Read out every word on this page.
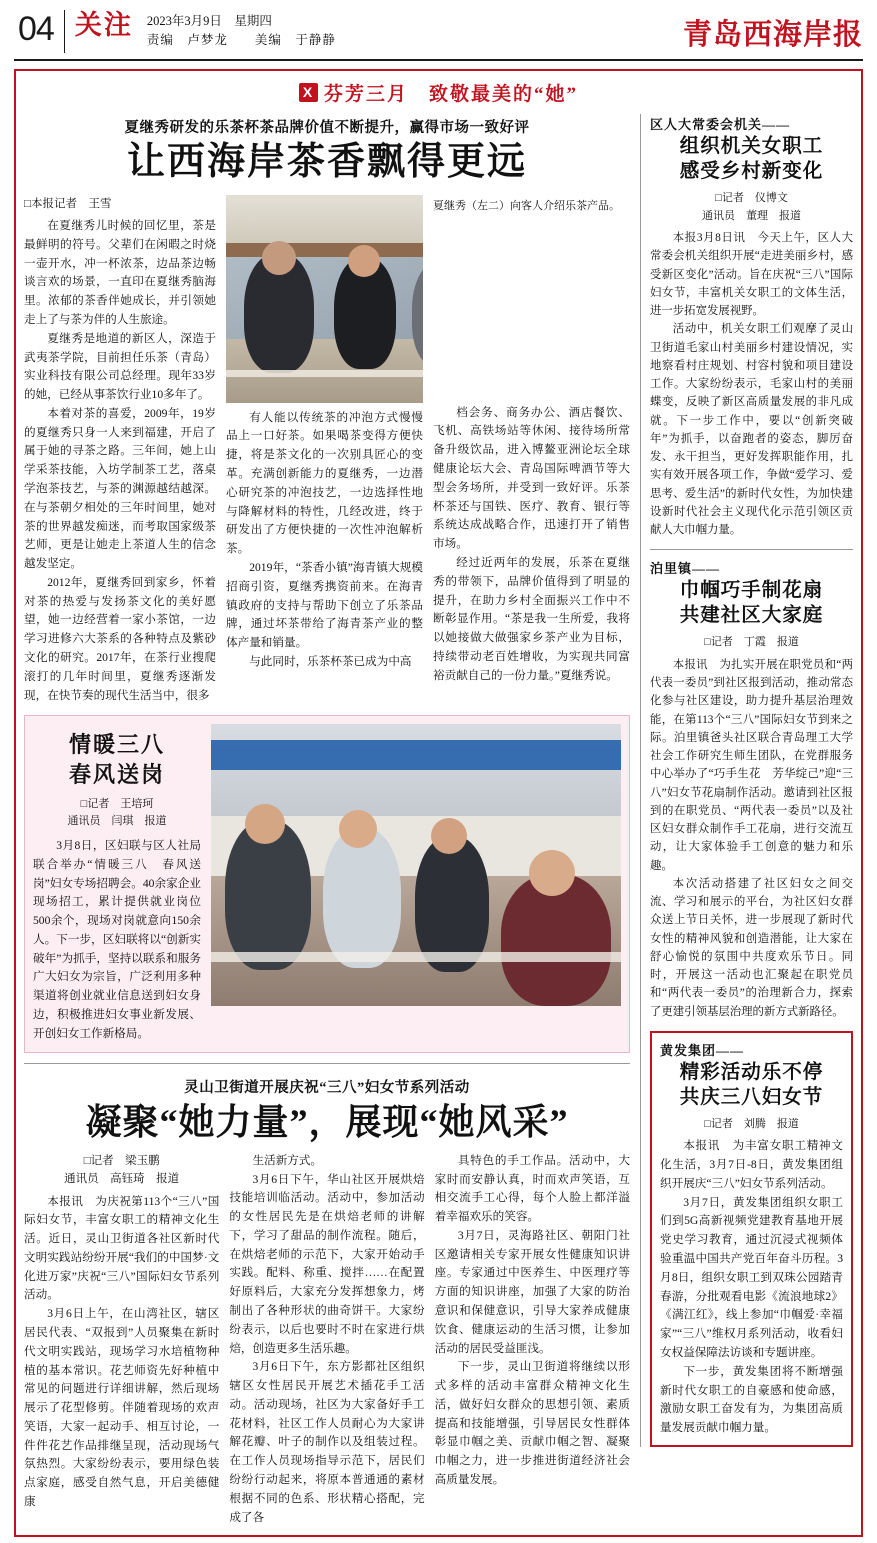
04 关注 2023年3月9日　星期四
责编　卢梦龙　　美编　于静静	青岛西海岸报
X 芬芳三月　致敬最美的“她”
夏继秀研发的乐茶杯茶品牌价值不断提升，赢得市场一致好评
让西海岸茶香飘得更远
□本报记者　王雪

在夏继秀儿时候的回忆里，茶是最鲜明的符号。父辈们在闲暇之时烧一壶开水，冲一杯浓茶，边品茶边畅谈言欢的场景，一直印在夏继秀脑海里。浓郁的茶香伴她成长，并引领她走上了与茶为伴的人生旅途。

夏继秀是地道的新区人，深造于武夷茶学院，目前担任乐茶（青岛）实业科技有限公司总经理。现年33岁的她，已经从事茶饮行业10多年了。

本着对茶的喜爱，2009年，19岁的夏继秀只身一人来到福建，开启了属于她的寻茶之路。三年间，她上山学采茶技能，入坊学制茶工艺，落桌学泡茶技艺，与茶的渊源越结越深。在与茶朝夕相处的三年时间里，她对茶的世界越发痴迷，而考取国家级茶艺师，更是让她走上茶道人生的信念越发坚定。

2012年，夏继秀回到家乡，怀着对茶的热爱与发扬茶文化的美好愿望，她一边经营着一家小茶馆，一边学习进修六大茶系的各种特点及紫砂文化的研究。2017年，在茶行业搜爬滚打的几年时间里，夏继秀逐渐发现，在快节奏的现代生活当中，很多

有人能以传统茶的冲泡方式慢慢品上一口好茶。如果喝茶变得方便快捷，将是茶文化的一次别具匠心的变革。充满创新能力的夏继秀，一边潜心研究茶的冲泡技艺，一边选择性地与降解材料的特性，几经改进，终于研发出了方便快捷的一次性冲泡解析茶。

2019年，“茶香小镇”海青镇大规模招商引资，夏继秀携资前来。在海青镇政府的支持与帮助下创立了乐茶品牌，通过坏茶带给了海青茶产业的整体产量和销量。

与此同时，乐茶杯茶已成为中高

夏继秀（左二）向客人介绍乐茶产品。

档会务、商务办公、酒店餐饮、飞机、高铁场站等休闲、接待场所常备升级饮品，进入博鳌亚洲论坛全球健康论坛大会、青岛国际啤酒节等大型会务场所，并受到一致好评。乐茶杯茶还与国铁、医疗、教育、银行等系统达成战略合作，迅速打开了销售市场。

经过近两年的发展，乐茶在夏继秀的带领下，品牌价值得到了明显的提升，在助力乡村全面振兴工作中不断彰显作用。“茶是我一生所爱，我将以她接做大做强家乡茶产业为目标，持续带动老百姓增收，为实现共同富裕贡献自己的一份力量。”夏继秀说。

情暖三八
春风送岗
□记者　王培珂
通讯员　闫琪　报道

3月8日，区妇联与区人社局联合举办“情暖三八　春风送岗”妇女专场招聘会。40余家企业现场招工，累计提供就业岗位500余个，现场对岗就意向150余人。下一步，区妇联将以“创新实破年”为抓手，坚持以联系和服务广大妇女为宗旨，广泛利用多种渠道将创业就业信息送到妇女身边，积极推进妇女事业新发展、开创妇女工作新格局。

灵山卫街道开展庆祝“三八”妇女节系列活动
凝聚“她力量”，展现“她风采”
□记者　梁玉鹏
通讯员　高钰琦　报道

本报讯　为庆祝第113个“三八”国际妇女节，丰富女职工的精神文化生活。近日，灵山卫街道各社区新时代文明实践站纷纷开展“我们的中国梦·文化进万家”庆祝“三八”国际妇女节系列活动。

3月6日上午，在山湾社区，辖区居民代表、“双报到”人员聚集在新时代文明实践站，现场学习水培植物种植的基本常识。花艺师资先好种植中常见的问题进行详细讲解，然后现场展示了花型修剪。伴随着现场的欢声笑语，大家一起动手、相互讨论，一件件花艺作品排继呈现，活动现场气氛热烈。大家纷纷表示，要用绿色装点家庭，感受自然气息，开启美德健康

生活新方式。

3月6日下午，华山社区开展烘焙技能培训临活动。活动中，参加活动的女性居民先是在烘焙老师的讲解下，学习了甜品的制作流程。随后，在烘焙老师的示范下，大家开始动手实践。配料、称重、搅拌……在配置好原料后，大家充分发挥想象力，烤制出了各种形状的曲奇饼干。大家纷纷表示，以后也要时不时在家进行烘焙，创造更多生活乐趣。

3月6日下午，东方影都社区组织辖区女性居民开展艺术插花手工活动。活动现场，社区为大家备好手工花材料，社区工作人员耐心为大家讲解花瓣、叶子的制作以及组装过程。在工作人员现场指导示范下，居民们纷纷行动起来，将原本普通通的素材根据不同的色系、形状精心搭配，完成了各

具特色的手工作品。活动中，大家时而安静认真，时而欢声笑语，互相交流手工心得，每个人脸上都洋溢着幸福欢乐的笑容。

3月7日，灵海路社区、朝阳门社区邀请相关专家开展女性健康知识讲座。专家通过中医养生、中医理疗等方面的知识讲座，加强了大家的防治意识和保健意识，引导大家养成健康饮食、健康运动的生活习惯，让参加活动的居民受益匪浅。

下一步，灵山卫街道将继续以形式多样的活动丰富群众精神文化生活，做好妇女群众的思想引领、素质提高和技能增强，引导居民女性群体彰显巾帼之美、贡献巾帼之智、凝聚巾帼之力，进一步推进街道经济社会高质量发展。

区人大常委会机关——
组织机关女职工
感受乡村新变化
□记者　仪博文
通讯员　董理　报道

本报3月8日讯　今天上午，区人大常委会机关组织开展“走进美丽乡村，感受新区变化”活动。旨在庆祝“三八”国际妇女节，丰富机关女职工的文体生活，进一步拓宽发展视野。

活动中，机关女职工们观摩了灵山卫街道毛家山村美丽乡村建设情况，实地察看村庄规划、村容村貌和项目建设工作。大家纷纷表示，毛家山村的美丽蝶变，反映了新区高质量发展的非凡成就。下一步工作中，要以“创新突破年”为抓手，以奋跑者的姿态，脚厉奋发、永干担当，更好发挥职能作用，扎实有效开展各项工作，争做“爱学习、爱思考、爱生活”的新时代女性，为加快建设新时代社会主义现代化示范引领区贡献人大巾帼力量。

泊里镇——
巾帼巧手制花扇
共建社区大家庭
□记者　丁霞　报道

本报讯　为扎实开展在职党员和“两代表一委员”到社区报到活动，推动常态化参与社区建设，助力提升基层治理效能，在第113个“三八”国际妇女节到来之际。泊里镇爸头社区联合青岛理工大学社会工作研究生师生团队，在党群服务中心举办了“巧手生花　芳华绽己”迎“三八”妇女节花扇制作活动。邀请到社区报到的在职党员、“两代表一委员”以及社区妇女群众制作手工花扇，进行交流互动，让大家体验手工创意的魅力和乐趣。

本次活动搭建了社区妇女之间交流、学习和展示的平台，为社区妇女群众送上节日关怀，进一步展现了新时代女性的精神风貌和创造潜能，让大家在舒心愉悦的氛围中共度欢乐节日。同时，开展这一活动也汇聚起在职党员和“两代表一委员”的治理新合力，探索了更建引领基层治理的新方式新路径。

黄发集团——
精彩活动乐不停
共庆三八妇女节
□记者　刘腾　报道

本报讯　为丰富女职工精神文化生活，3月7日-8日，黄发集团组织开展庆“三八”妇女节系列活动。

3月7日，黄发集团组织女职工们到5G高新视频党建教育基地开展党史学习教育，通过沉浸式视频体验重温中国共产党百年奋斗历程。3月8日，组织女职工到双珠公园踏青春游，分批观看电影《流浪地球2》《满江红》，线上参加“巾帼爱·幸福家”“三八”维权月系列活动，收看妇女权益保障法访谈和专题讲座。

下一步，黄发集团将不断增强新时代女职工的自豪感和使命感，激励女职工奋发有为，为集团高质量发展贡献巾帼力量。
